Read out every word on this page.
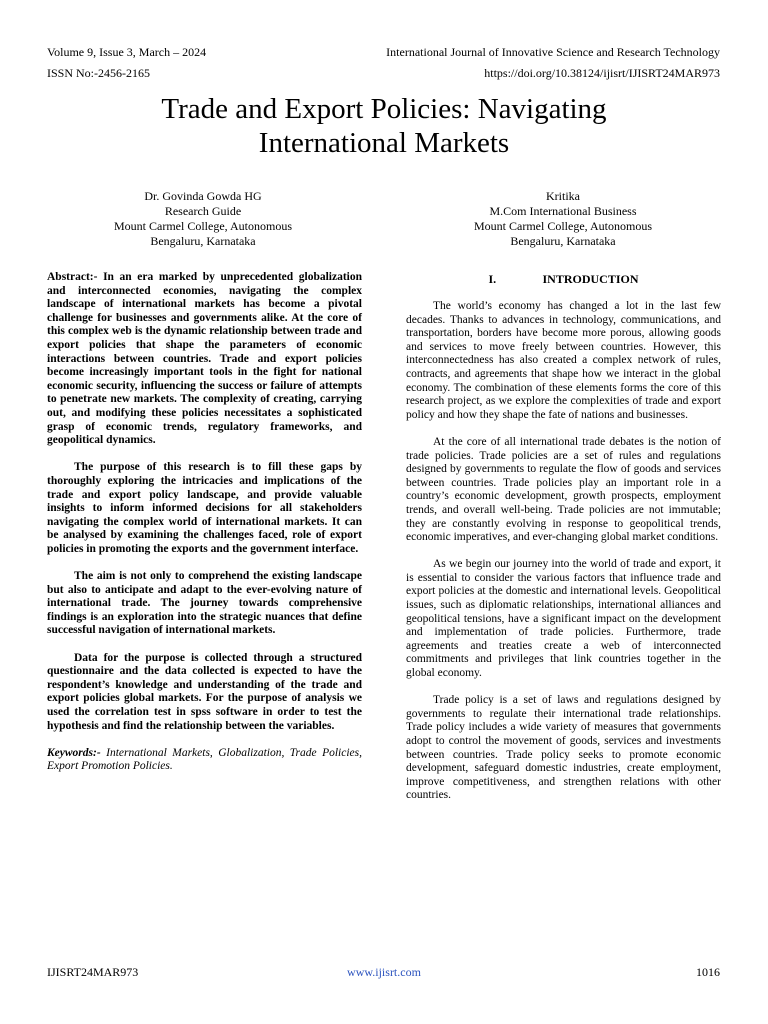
Volume 9, Issue 3, March – 2024	International Journal of Innovative Science and Research Technology
ISSN No:-2456-2165	https://doi.org/10.38124/ijisrt/IJISRT24MAR973
Trade and Export Policies: Navigating
International Markets
Dr. Govinda Gowda HG
Research Guide
Mount Carmel College, Autonomous
Bengaluru, Karnataka
Kritika
M.Com International Business
Mount Carmel College, Autonomous
Bengaluru, Karnataka

Abstract:- In an era marked by unprecedented globalization and interconnected economies, navigating the complex landscape of international markets has become a pivotal challenge for businesses and governments alike. At the core of this complex web is the dynamic relationship between trade and export policies that shape the parameters of economic interactions between countries. Trade and export policies become increasingly important tools in the fight for national economic security, influencing the success or failure of attempts to penetrate new markets. The complexity of creating, carrying out, and modifying these policies necessitates a sophisticated grasp of economic trends, regulatory frameworks, and geopolitical dynamics.

The purpose of this research is to fill these gaps by thoroughly exploring the intricacies and implications of the trade and export policy landscape, and provide valuable insights to inform informed decisions for all stakeholders navigating the complex world of international markets. It can be analysed by examining the challenges faced, role of export policies in promoting the exports and the government interface.

The aim is not only to comprehend the existing landscape but also to anticipate and adapt to the ever-evolving nature of international trade. The journey towards comprehensive findings is an exploration into the strategic nuances that define successful navigation of international markets.

Data for the purpose is collected through a structured questionnaire and the data collected is expected to have the respondent’s knowledge and understanding of the trade and export policies global markets. For the purpose of analysis we used the correlation test in spss software in order to test the hypothesis and find the relationship between the variables.

Keywords:- International Markets, Globalization, Trade Policies, Export Promotion Policies.

I.	INTRODUCTION

The world’s economy has changed a lot in the last few decades. Thanks to advances in technology, communications, and transportation, borders have become more porous, allowing goods and services to move freely between countries. However, this interconnectedness has also created a complex network of rules, contracts, and agreements that shape how we interact in the global economy. The combination of these elements forms the core of this research project, as we explore the complexities of trade and export policy and how they shape the fate of nations and businesses.

At the core of all international trade debates is the notion of trade policies. Trade policies are a set of rules and regulations designed by governments to regulate the flow of goods and services between countries. Trade policies play an important role in a country’s economic development, growth prospects, employment trends, and overall well-being. Trade policies are not immutable; they are constantly evolving in response to geopolitical trends, economic imperatives, and ever-changing global market conditions.

As we begin our journey into the world of trade and export, it is essential to consider the various factors that influence trade and export policies at the domestic and international levels. Geopolitical issues, such as diplomatic relationships, international alliances and geopolitical tensions, have a significant impact on the development and implementation of trade policies. Furthermore, trade agreements and treaties create a web of interconnected commitments and privileges that link countries together in the global economy.

Trade policy is a set of laws and regulations designed by governments to regulate their international trade relationships. Trade policy includes a wide variety of measures that governments adopt to control the movement of goods, services and investments between countries. Trade policy seeks to promote economic development, safeguard domestic industries, create employment, improve competitiveness, and strengthen relations with other countries.

IJISRT24MAR973	www.ijisrt.com	1016
